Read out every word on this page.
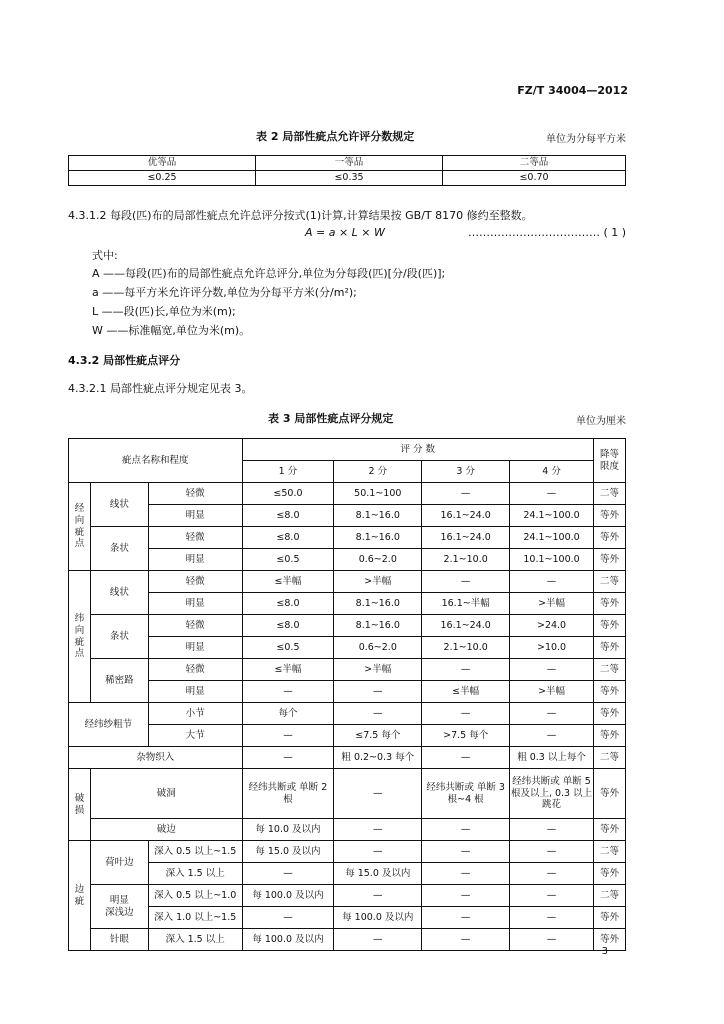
FZ/T 34004—2012
表 2 局部性疵点允许评分数规定	单位为分每平方米
优等品	一等品	二等品
≤0.25	≤0.35	≤0.70
4.3.1.2 每段(匹)布的局部性疵点允许总评分按式(1)计算,计算结果按 GB/T 8170 修约至整数。
A = a × L × W	……………………………… ( 1 )
式中:
A ——每段(匹)布的局部性疵点允许总评分,单位为分每段(匹)[分/段(匹)];
a ——每平方米允许评分数,单位为分每平方米(分/m²);
L ——段(匹)长,单位为米(m);
W ——标准幅宽,单位为米(m)。
4.3.2 局部性疵点评分
4.3.2.1 局部性疵点评分规定见表 3。
表 3 局部性疵点评分规定	单位为厘米
疵点名称和程度			评 分 数				降等
限度
			1 分	2 分	3 分	4 分	

经
向
疵
点	线状	轻微	≤50.0	50.1~100	—	—	二等
		明显	≤8.0	8.1~16.0	16.1~24.0	24.1~100.0	等外
	条状	轻微	≤8.0	8.1~16.0	16.1~24.0	24.1~100.0	等外
		明显	≤0.5	0.6~2.0	2.1~10.0	10.1~100.0	等外

纬
向
疵
点	线状	轻微	≤半幅	>半幅	—	—	二等
		明显	≤8.0	8.1~16.0	16.1~半幅	>半幅	等外
	条状	轻微	≤8.0	8.1~16.0	16.1~24.0	>24.0	等外
		明显	≤0.5	0.6~2.0	2.1~10.0	>10.0	等外
	稀密路	轻微	≤半幅	>半幅	—	—	二等
		明显	—	—	≤半幅	>半幅	等外
经纬纱粗节		小节	每个	—	—	—	等外
		大节	—	≤7.5 每个	>7.5 每个	—	等外
杂物织入			—	粗 0.2~0.3 每个	—	粗 0.3 以上每个	二等

破
损	破洞		经纬共断或 单断 2 根	—	经纬共断或 单断 3 根~4 根	经纬共断或 单断 5 根及以上, 0.3 以上跳花	等外
	破边		每 10.0 及以内	—	—	—	等外

边
疵	荷叶边	深入 0.5 以上~1.5	每 15.0 及以内	—	—	—	二等
		深入 1.5 以上	—	每 15.0 及以内	—	—	等外
	明显
深浅边	深入 0.5 以上~1.0	每 100.0 及以内	—	—	—	二等
		深入 1.0 以上~1.5	—	每 100.0 及以内	—	—	等外
	针眼	深入 1.5 以上	每 100.0 及以内	—	—	—	等外
3
